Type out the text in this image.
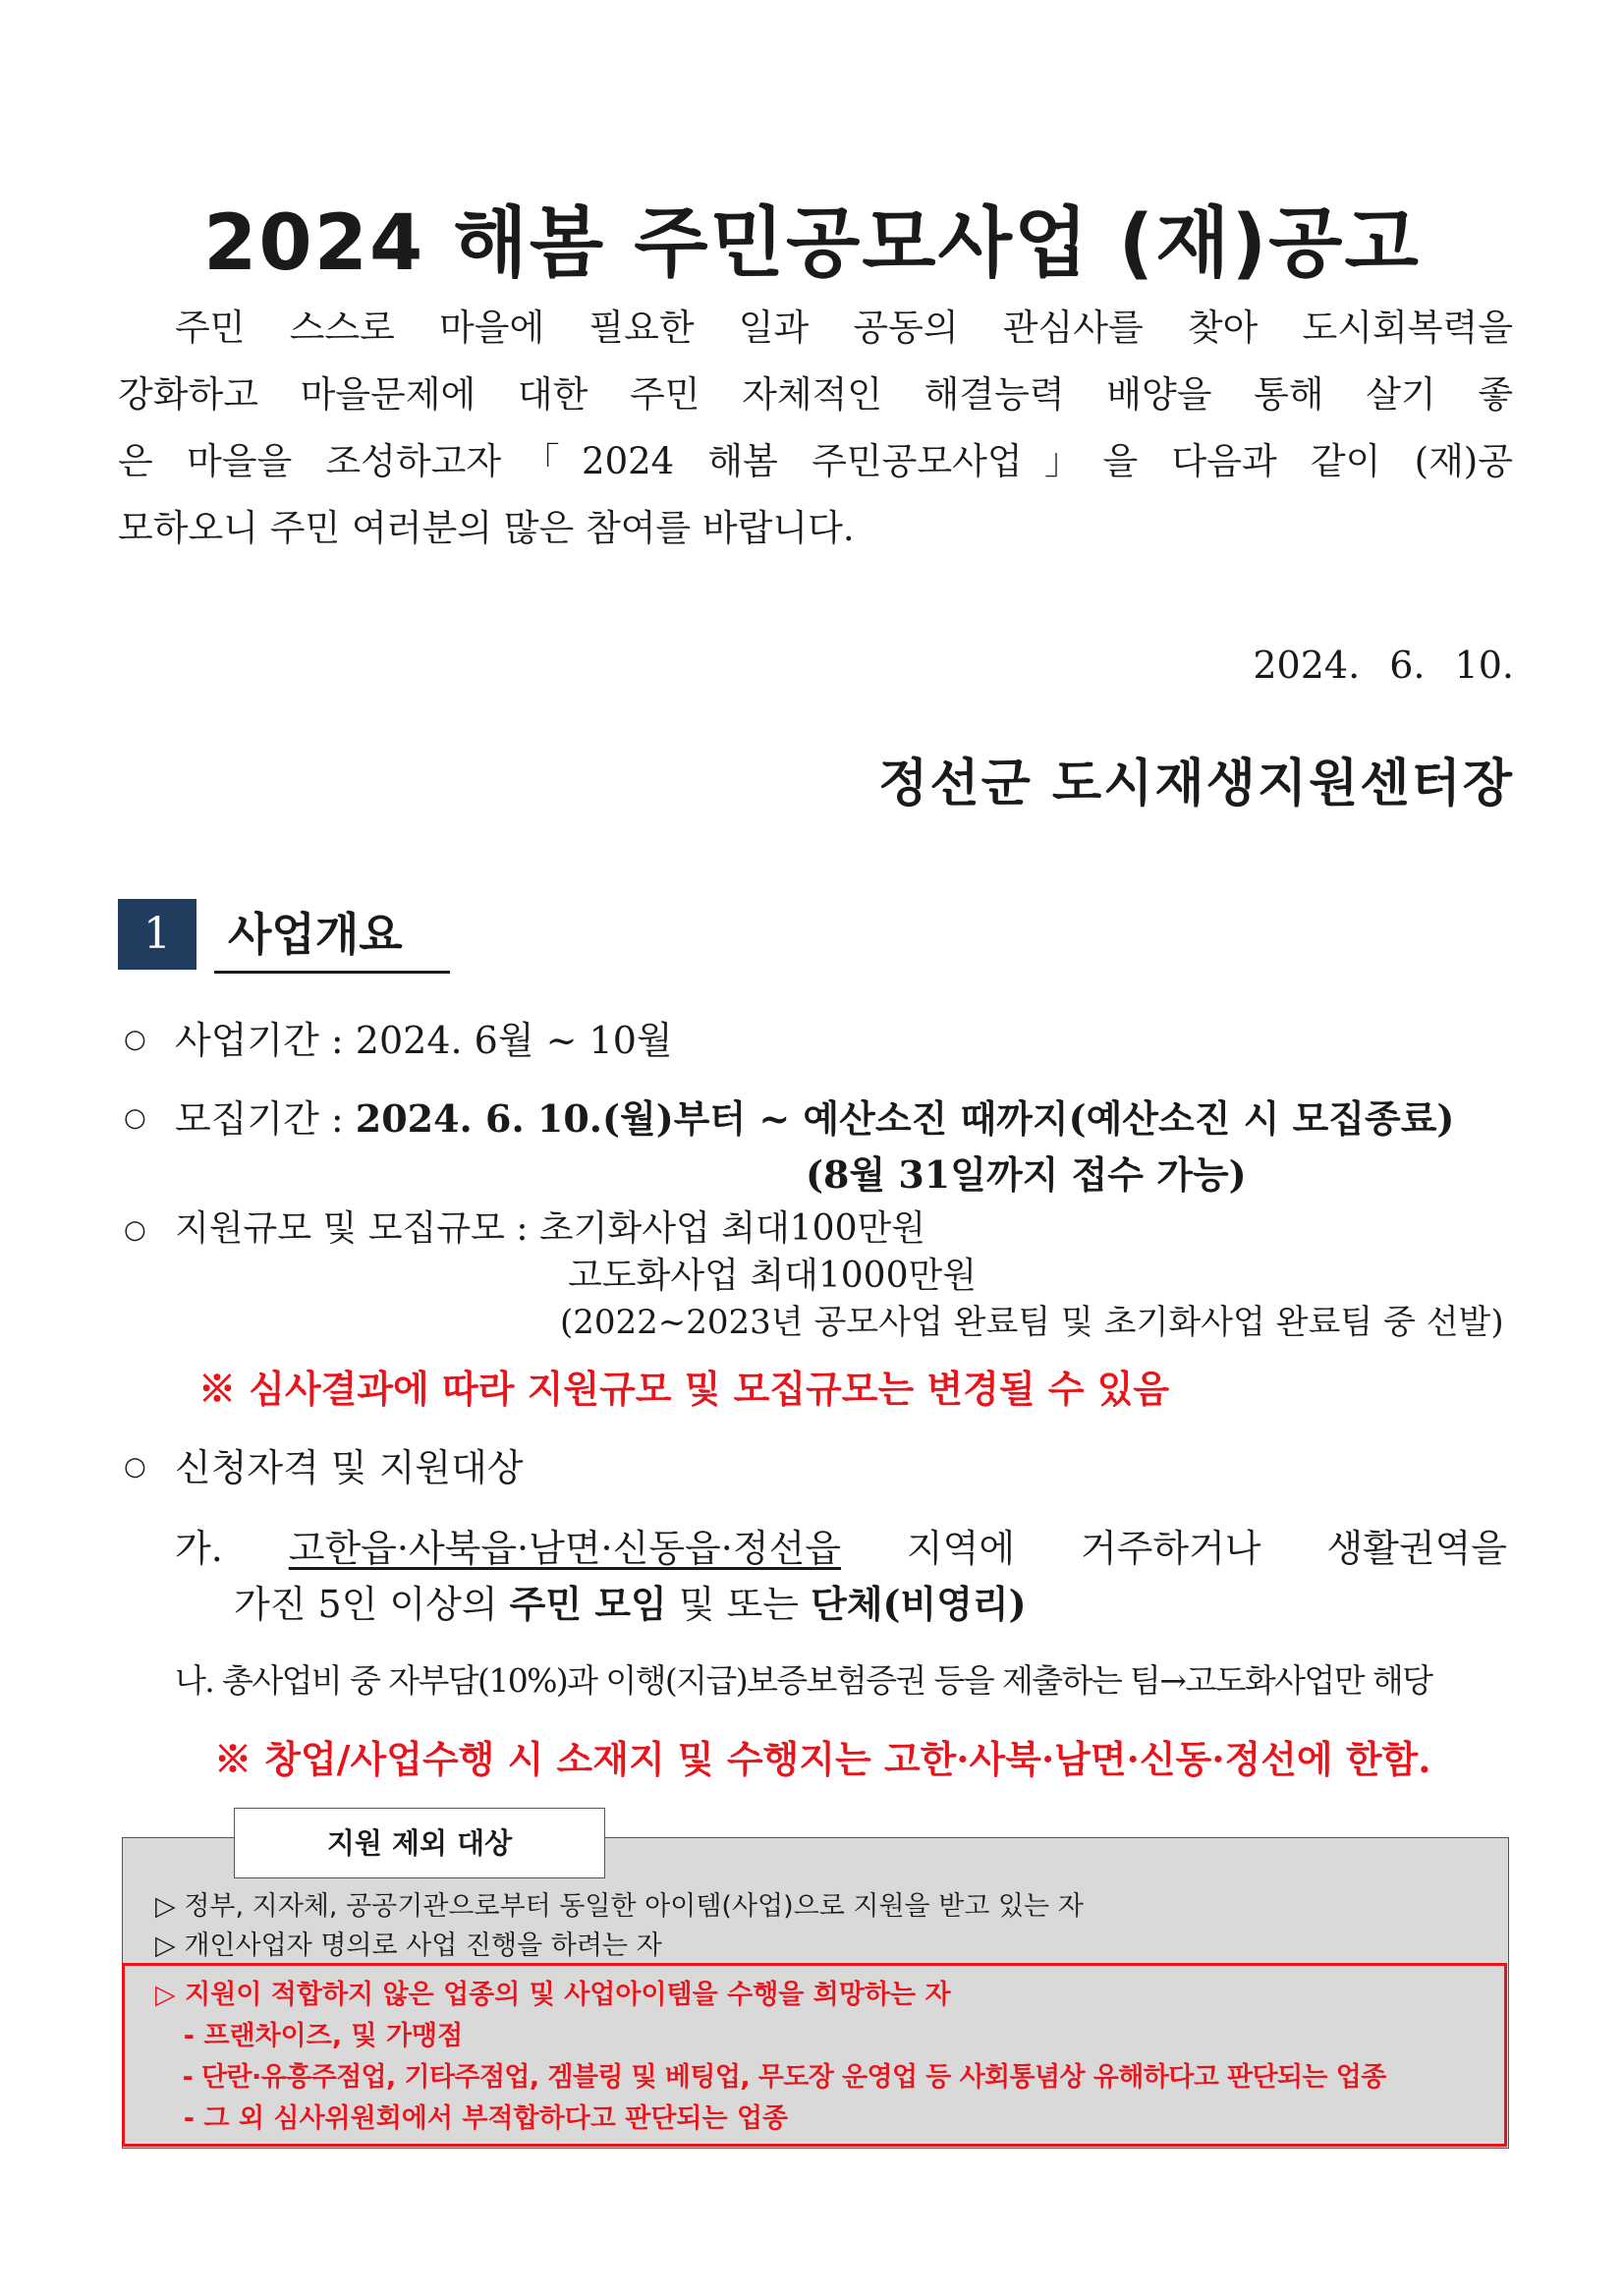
2024 해봄 주민공모사업 (재)공고

주민 스스로 마을에 필요한 일과 공동의 관심사를 찾아 도시회복력을

강화하고 마을문제에 대한 주민 자체적인 해결능력 배양을 통해 살기 좋

은 마을을 조성하고자「2024 해봄 주민공모사업」을 다음과 같이 (재)공

모하오니 주민 여러분의 많은 참여를 바랍니다.

2024. 6. 10.
정선군 도시재생지원센터장
1	사업개요
○ 사업기간 : 2024. 6월 ~ 10월
○ 모집기간 : 2024. 6. 10.(월)부터 ~ 예산소진 때까지(예산소진 시 모집종료)
(8월 31일까지 접수 가능)
○ 지원규모 및 모집규모 : 초기화사업 최대100만원
고도화사업 최대1000만원
(2022~2023년 공모사업 완료팀 및 초기화사업 완료팀 중 선발)
※ 심사결과에 따라 지원규모 및 모집규모는 변경될 수 있음
○ 신청자격 및 지원대상
가. 고한읍·사북읍·남면·신동읍·정선읍 지역에 거주하거나 생활권역을
가진 5인 이상의 주민 모임 및 또는 단체(비영리)
나. 총사업비 중 자부담(10%)과 이행(지급)보증보험증권 등을 제출하는 팀→고도화사업만 해당
※ 창업/사업수행 시 소재지 및 수행지는 고한·사북·남면·신동·정선에 한함.
지원 제외 대상
▷ 정부, 지자체, 공공기관으로부터 동일한 아이템(사업)으로 지원을 받고 있는 자
▷ 개인사업자 명의로 사업 진행을 하려는 자
▷ 지원이 적합하지 않은 업종의 및 사업아이템을 수행을 희망하는 자
- 프랜차이즈, 및 가맹점
- 단란·유흥주점업, 기타주점업, 겜블링 및 베팅업, 무도장 운영업 등 사회통념상 유해하다고 판단되는 업종
- 그 외 심사위원회에서 부적합하다고 판단되는 업종
